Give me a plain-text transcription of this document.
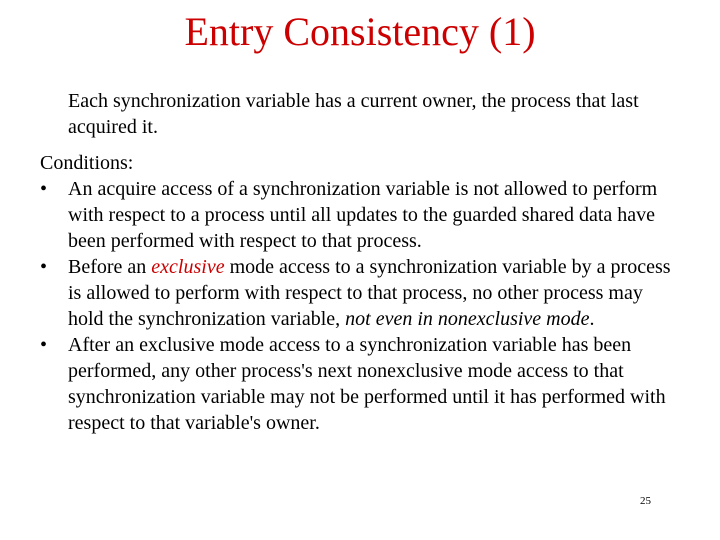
Entry Consistency (1)
Each synchronization variable has a current owner, the process that last acquired it.
Conditions:
•	An acquire access of a synchronization variable is not allowed to perform with respect to a process until all updates to the guarded shared data have been performed with respect to that process.
•	Before an exclusive mode access to a synchronization variable by a process is allowed to perform with respect to that process, no other process may hold the synchronization variable, not even in nonexclusive mode.
•	After an exclusive mode access to a synchronization variable has been performed, any other process's next nonexclusive mode access to that synchronization variable may not be performed until it has performed with respect to that variable's owner.
25
